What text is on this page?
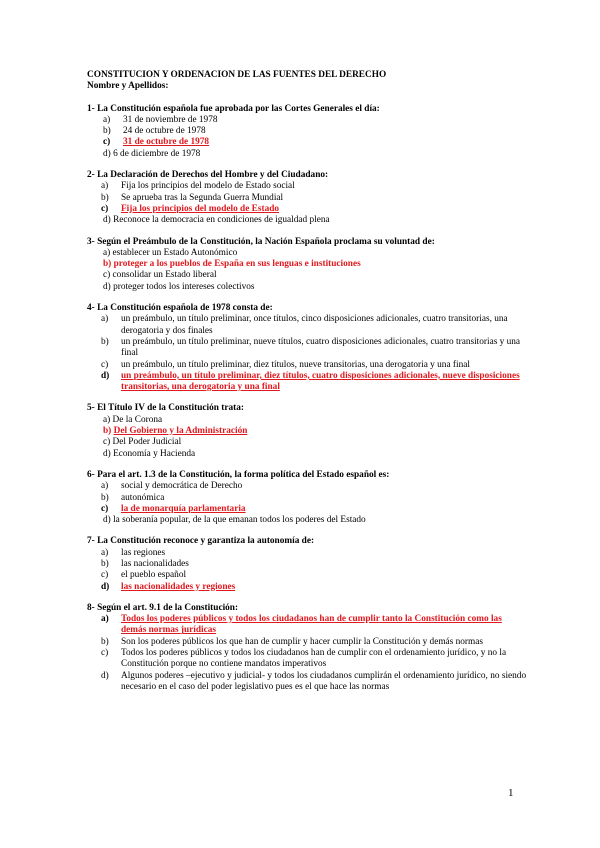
CONSTITUCION Y ORDENACION DE LAS FUENTES DEL DERECHO
Nombre y Apellidos:
1- La Constitución española fue aprobada por las Cortes Generales el día:
a)	31 de noviembre de 1978
b)	24 de octubre de 1978
c)	31 de octubre de 1978
d) 6 de diciembre de 1978
2- La Declaración de Derechos del Hombre y del Ciudadano:
a)	Fija los principios del modelo de Estado social
b)	Se aprueba tras la Segunda Guerra Mundial
c)	Fija los principios del modelo de Estado
d) Reconoce la democracia en condiciones de igualdad plena
3- Según el Preámbulo de la Constitución, la Nación Española proclama su voluntad de:
a) establecer un Estado Autonómico
b) proteger a los pueblos de España en sus lenguas e instituciones
c) consolidar un Estado liberal
d) proteger todos los intereses colectivos
4- La Constitución española de 1978 consta de:
a)	un preámbulo, un título preliminar, once títulos, cinco disposiciones adicionales, cuatro transitorias, una derogatoria y dos finales
b)	un preámbulo, un título preliminar, nueve títulos, cuatro disposiciones adicionales, cuatro transitorias y una final
c)	un preámbulo, un título preliminar, diez títulos, nueve transitorias, una derogatoria y una final
d)	un preámbulo, un título preliminar, diez títulos, cuatro disposiciones adicionales, nueve disposiciones transitorias, una derogatoria y una final
5- El Título IV de la Constitución trata:
a) De la Corona
b)
Del Gobierno y la Administración
c) Del Poder Judicial
d) Economía y Hacienda
6- Para el art. 1.3 de la Constitución, la forma política del Estado español es:
a)	social y democrática de Derecho
b)	autonómica
c)	la de monarquía parlamentaria
d) la soberanía popular, de la que emanan todos los poderes del Estado
7- La Constitución reconoce y garantiza la autonomía de:
a)	las regiones
b)	las nacionalidades
c)	el pueblo español
d)	las nacionalidades y regiones
8- Según el art. 9.1 de la Constitución:
a)	Todos los poderes públicos y todos los ciudadanos han de cumplir tanto la Constitución como las demás normas jurídicas
b)	Son los poderes públicos los que han de cumplir y hacer cumplir la Constitución y demás normas
c)	Todos los poderes públicos y todos los ciudadanos han de cumplir con el ordenamiento jurídico, y no la Constitución porque no contiene mandatos imperativos
d)	Algunos poderes –ejecutivo y judicial- y todos los ciudadanos cumplirán el ordenamiento jurídico, no siendo necesario en el caso del poder legislativo pues es el que hace las normas
1
